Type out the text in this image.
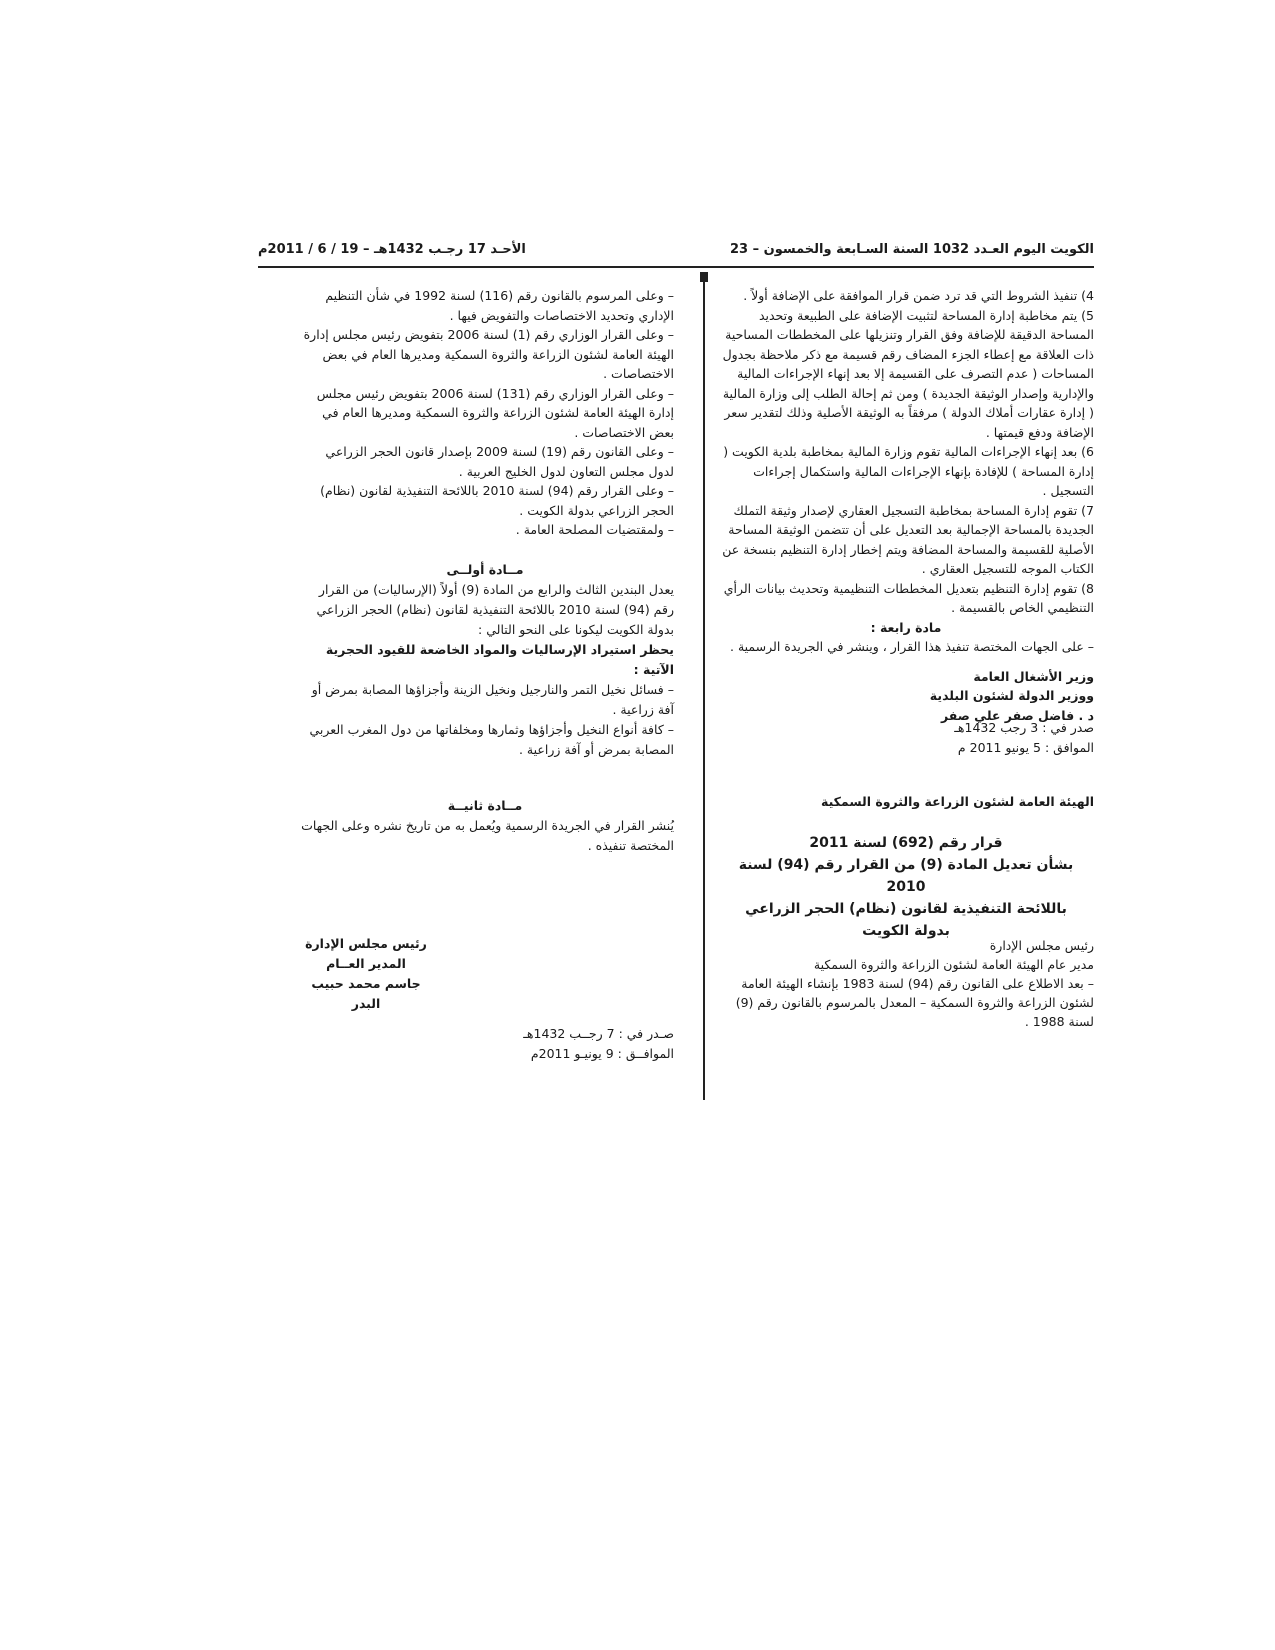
الكويت اليوم العـدد 1032 السنة السـابعة والخمسون – 23
الأحـد 17 رجـب 1432هـ – 19 / 6 / 2011م

4) تنفيذ الشروط التي قد ترد ضمن قرار الموافقة على الإضافة أولاً .

5) يتم مخاطبة إدارة المساحة لتثبيت الإضافة على الطبيعة وتحديد المساحة الدقيقة للإضافة وفق القرار وتنزيلها على المخططات المساحية ذات العلاقة مع إعطاء الجزء المضاف رقم قسيمة مع ذكر ملاحظة بجدول المساحات ( عدم التصرف على القسيمة إلا بعد إنهاء الإجراءات المالية والإدارية وإصدار الوثيقة الجديدة ) ومن ثم إحالة الطلب إلى وزارة المالية ( إدارة عقارات أملاك الدولة ) مرفقاً به الوثيقة الأصلية وذلك لتقدير سعر الإضافة ودفع قيمتها .

6) بعد إنهاء الإجراءات المالية تقوم وزارة المالية بمخاطبة بلدية الكويت ( إدارة المساحة ) للإفادة بإنهاء الإجراءات المالية واستكمال إجراءات التسجيل .

7) تقوم إدارة المساحة بمخاطبة التسجيل العقاري لإصدار وثيقة التملك الجديدة بالمساحة الإجمالية بعد التعديل على أن تتضمن الوثيقة المساحة الأصلية للقسيمة والمساحة المضافة ويتم إخطار إدارة التنظيم بنسخة عن الكتاب الموجه للتسجيل العقاري .

8) تقوم إدارة التنظيم بتعديل المخططات التنظيمية وتحديث بيانات الرأي التنظيمي الخاص بالقسيمة .

مادة رابعة :

– على الجهات المختصة تنفيذ هذا القرار ، وينشر في الجريدة الرسمية .

وزير الأشغال العامة

ووزير الدولة لشئون البلدية

د . فاضل صفر علي صفر

صدر في : 3 رجب 1432هـ

الموافق : 5 يونيو 2011 م

الهيئة العامة لشئون الزراعة والثروة السمكية

قرار رقم (692) لسنة 2011

بشأن تعديل المادة (9) من القرار رقم (94) لسنة 2010

باللائحة التنفيذية لقانون (نظام) الحجر الزراعي

بدولة الكويت

رئيس مجلس الإدارة

مدير عام الهيئة العامة لشئون الزراعة والثروة السمكية

– بعد الاطلاع على القانون رقم (94) لسنة 1983 بإنشاء الهيئة العامة لشئون الزراعة والثروة السمكية – المعدل بالمرسوم بالقانون رقم (9) لسنة 1988 .

– وعلى المرسوم بالقانون رقم (116) لسنة 1992 في شأن التنظيم الإداري وتحديد الاختصاصات والتفويض فيها .

– وعلى القرار الوزاري رقم (1) لسنة 2006 بتفويض رئيس مجلس إدارة الهيئة العامة لشئون الزراعة والثروة السمكية ومديرها العام في بعض الاختصاصات .

– وعلى القرار الوزاري رقم (131) لسنة 2006 بتفويض رئيس مجلس إدارة الهيئة العامة لشئون الزراعة والثروة السمكية ومديرها العام في بعض الاختصاصات .

– وعلى القانون رقم (19) لسنة 2009 بإصدار قانون الحجر الزراعي لدول مجلس التعاون لدول الخليج العربية .

– وعلى القرار رقم (94) لسنة 2010 باللائحة التنفيذية لقانون (نظام) الحجر الزراعي بدولة الكويت .

– ولمقتضيات المصلحة العامة .

مــادة أولــى

يعدل البندين الثالث والرابع من المادة (9) أولاً (الإرساليات) من القرار رقم (94) لسنة 2010 باللائحة التنفيذية لقانون (نظام) الحجر الزراعي بدولة الكويت ليكونا على النحو التالي :

يحظر استيراد الإرساليات والمواد الخاضعة للقيود الحجرية الآتية :

– فسائل نخيل التمر والنارجيل ونخيل الزينة وأجزاؤها المصابة بمرض أو آفة زراعية .

– كافة أنواع النخيل وأجزاؤها وثمارها ومخلفاتها من دول المغرب العربي المصابة بمرض أو آفة زراعية .

مــادة ثانيــة

يُنشر القرار في الجريدة الرسمية ويُعمل به من تاريخ نشره وعلى الجهات المختصة تنفيذه .

رئيس مجلس الإدارة

المدير العــام

جاسم محمد حبيب البدر

صـدر في : 7 رجــب 1432هـ

الموافــق : 9 يونيـو 2011م
